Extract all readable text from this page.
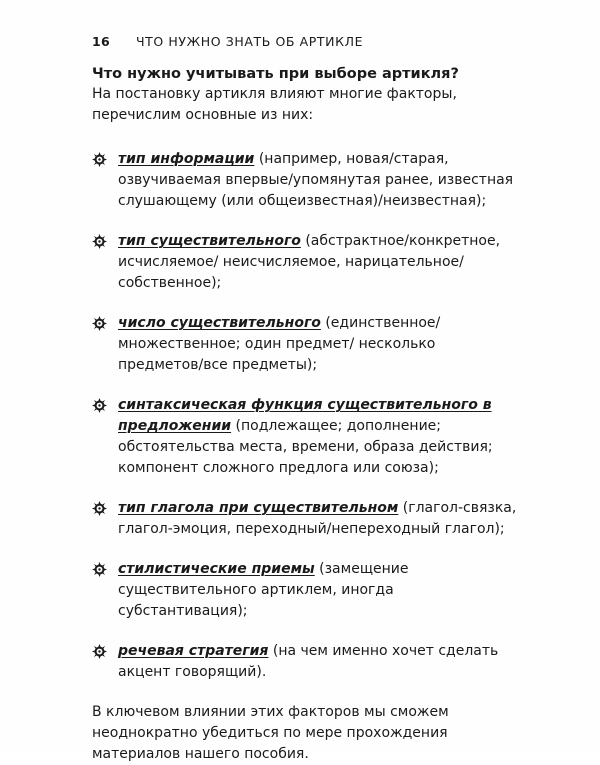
16 ЧТО НУЖНО ЗНАТЬ ОБ АРТИКЛЕ
Что нужно учитывать при выборе артикля?

На постановку артикля влияют многие факторы, перечислим основные из них:

тип информации (например, новая/старая, озвучиваемая впервые/упомянутая ранее, известная слушающему (или общеизвестная)/неизвестная);
тип существительного (абстрактное/конкретное, исчисляемое/ неисчисляемое, нарицательное/собственное);
число существительного (единственное/множественное; один предмет/ несколько предметов/все предметы);
синтаксическая функция существительного в предложении (подлежащее; дополнение; обстоятельства места, времени, образа действия; компонент сложного предлога или союза);
тип глагола при существительном (глагол-связка, глагол-эмоция, переходный/непереходный глагол);
стилистические приемы (замещение существительного артиклем, иногда субстантивация);
речевая стратегия (на чем именно хочет сделать акцент говорящий).

В ключевом влиянии этих факторов мы сможем неоднократно убедиться по мере прохождения материалов нашего пособия.
